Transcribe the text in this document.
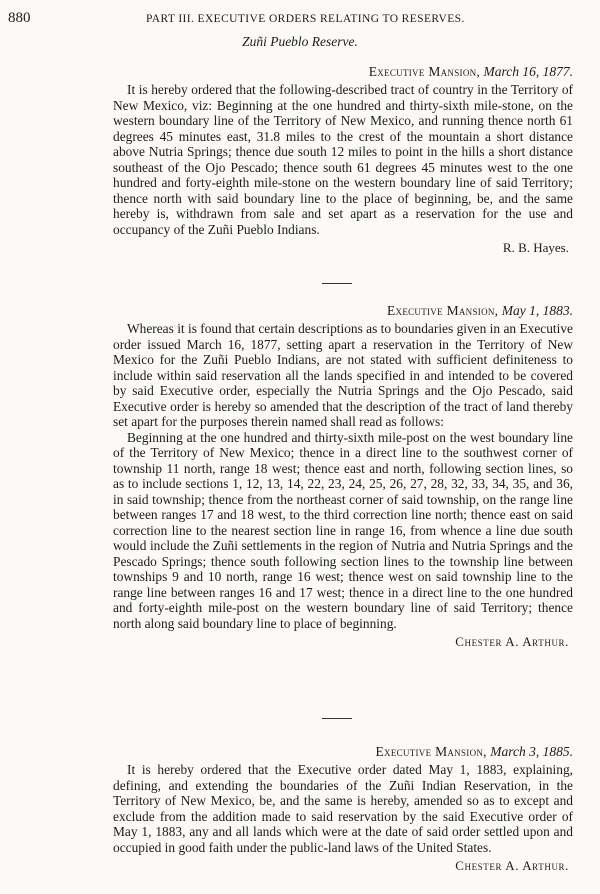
880	PART III. EXECUTIVE ORDERS RELATING TO RESERVES.
Zuñi Pueblo Reserve.
Executive Mansion, March 16, 1877.

It is hereby ordered that the following-described tract of country in the Territory of New Mexico, viz: Beginning at the one hundred and thirty-sixth mile-stone, on the western boundary line of the Territory of New Mexico, and running thence north 61 degrees 45 minutes east, 31.8 miles to the crest of the mountain a short distance above Nutria Springs; thence due south 12 miles to point in the hills a short distance southeast of the Ojo Pescado; thence south 61 degrees 45 minutes west to the one hundred and forty-eighth mile-stone on the western boundary line of said Territory; thence north with said boundary line to the place of beginning, be, and the same hereby is, withdrawn from sale and set apart as a reservation for the use and occupancy of the Zuñi Pueblo Indians.

R. B. Hayes.
Executive Mansion, May 1, 1883.

Whereas it is found that certain descriptions as to boundaries given in an Executive order issued March 16, 1877, setting apart a reservation in the Territory of New Mexico for the Zuñi Pueblo Indians, are not stated with sufficient definiteness to include within said reservation all the lands specified in and intended to be covered by said Executive order, especially the Nutria Springs and the Ojo Pescado, said Executive order is hereby so amended that the description of the tract of land thereby set apart for the purposes therein named shall read as follows:

Beginning at the one hundred and thirty-sixth mile-post on the west boundary line of the Territory of New Mexico; thence in a direct line to the southwest corner of township 11 north, range 18 west; thence east and north, following section lines, so as to include sections 1, 12, 13, 14, 22, 23, 24, 25, 26, 27, 28, 32, 33, 34, 35, and 36, in said township; thence from the northeast corner of said township, on the range line between ranges 17 and 18 west, to the third correction line north; thence east on said correction line to the nearest section line in range 16, from whence a line due south would include the Zuñi settlements in the region of Nutria and Nutria Springs and the Pescado Springs; thence south following section lines to the township line between townships 9 and 10 north, range 16 west; thence west on said township line to the range line between ranges 16 and 17 west; thence in a direct line to the one hundred and forty-eighth mile-post on the western boundary line of said Territory; thence north along said boundary line to place of beginning.

Chester A. Arthur.
Executive Mansion, March 3, 1885.

It is hereby ordered that the Executive order dated May 1, 1883, explaining, defining, and extending the boundaries of the Zuñi Indian Reservation, in the Territory of New Mexico, be, and the same is hereby, amended so as to except and exclude from the addition made to said reservation by the said Executive order of May 1, 1883, any and all lands which were at the date of said order settled upon and occupied in good faith under the public-land laws of the United States.

Chester A. Arthur.
